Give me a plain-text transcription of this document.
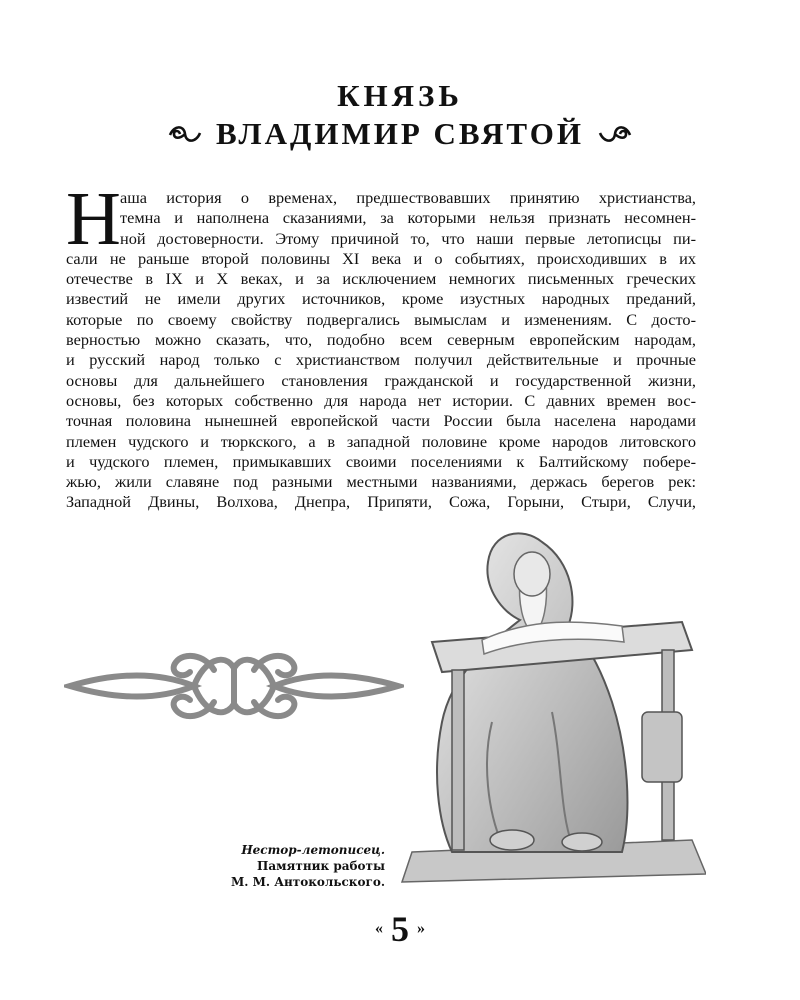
КНЯЗЬ
ВЛАДИМИР СВЯТОЙ
Н аша история о временах, предшествовавших принятию христианства,
темна и наполнена сказаниями, за которыми нельзя признать несомнен-
ной достоверности. Этому причиной то, что наши первые летописцы пи-
сали не раньше второй половины XI века и о событиях, происходивших в их
отечестве в IX и X веках, и за исключением немногих письменных греческих
известий не имели других источников, кроме изустных народных преданий,
которые по своему свойству подвергались вымыслам и изменениям. С досто-
верностью можно сказать, что, подобно всем северным европейским народам,
и русский народ только с христианством получил действительные и прочные
основы для дальнейшего становления гражданской и государственной жизни,
основы, без которых собственно для народа нет истории. С давних времен вос-
точная половина нынешней европейской части России была населена народами
племен чудского и тюркского, а в западной половине кроме народов литовского
и чудского племен, примыкавших своими поселениями к Балтийскому побере-
жью, жили славяне под разными местными названиями, держась берегов рек:
Западной Двины, Волхова, Днепра, Припяти, Сожа, Горыни, Стыри, Случи,
Нестор-летописец.
Памятник работы
М. М. Антокольского.
« 5 »
